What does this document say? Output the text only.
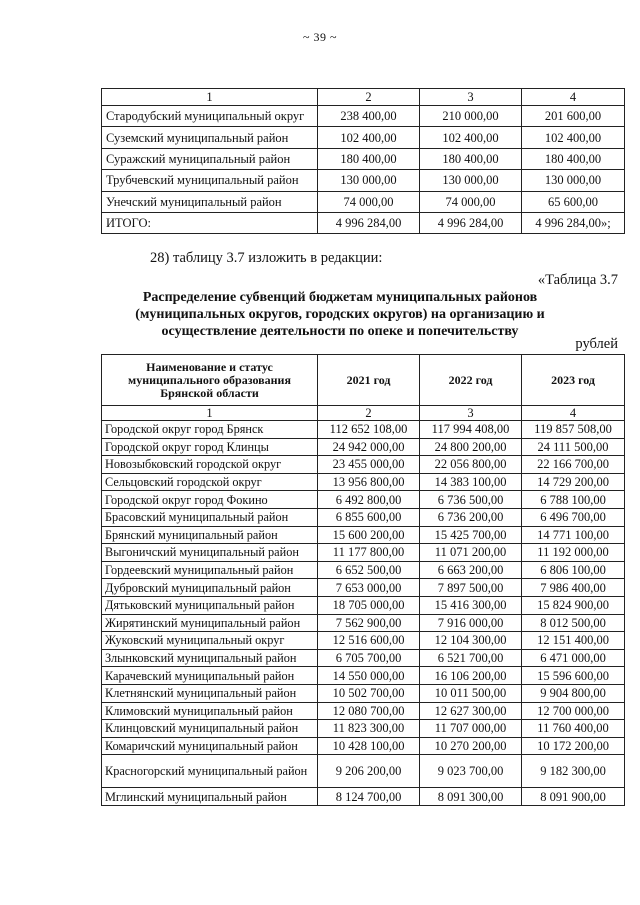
~ 39 ~
1	2	3	4
Стародубский муниципальный округ	238 400,00	210 000,00	201 600,00
Суземский муниципальный район	102 400,00	102 400,00	102 400,00
Суражский муниципальный район	180 400,00	180 400,00	180 400,00
Трубчевский муниципальный район	130 000,00	130 000,00	130 000,00
Унечский муниципальный район	74 000,00	74 000,00	65 600,00
ИТОГО:	4 996 284,00	4 996 284,00	4 996 284,00»;
28) таблицу 3.7 изложить в редакции:
«Таблица 3.7
Распределение субвенций бюджетам муниципальных районов (муниципальных округов, городских округов) на организацию и осуществление деятельности по опеке и попечительству
рублей
Наименование и статус муниципального образования Брянской области	2021 год	2022 год	2023 год
1	2	3	4
Городской округ город Брянск	112 652 108,00	117 994 408,00	119 857 508,00
Городской округ город Клинцы	24 942 000,00	24 800 200,00	24 111 500,00
Новозыбковский городской округ	23 455 000,00	22 056 800,00	22 166 700,00
Сельцовский городской округ	13 956 800,00	14 383 100,00	14 729 200,00
Городской округ город Фокино	6 492 800,00	6 736 500,00	6 788 100,00
Брасовский муниципальный район	6 855 600,00	6 736 200,00	6 496 700,00
Брянский муниципальный район	15 600 200,00	15 425 700,00	14 771 100,00
Выгоничский муниципальный район	11 177 800,00	11 071 200,00	11 192 000,00
Гордеевский муниципальный район	6 652 500,00	6 663 200,00	6 806 100,00
Дубровский муниципальный район	7 653 000,00	7 897 500,00	7 986 400,00
Дятьковский муниципальный район	18 705 000,00	15 416 300,00	15 824 900,00
Жирятинский муниципальный район	7 562 900,00	7 916 000,00	8 012 500,00
Жуковский муниципальный округ	12 516 600,00	12 104 300,00	12 151 400,00
Злынковский муниципальный район	6 705 700,00	6 521 700,00	6 471 000,00
Карачевский муниципальный район	14 550 000,00	16 106 200,00	15 596 600,00
Клетнянский муниципальный район	10 502 700,00	10 011 500,00	9 904 800,00
Климовский муниципальный район	12 080 700,00	12 627 300,00	12 700 000,00
Клинцовский муниципальный район	11 823 300,00	11 707 000,00	11 760 400,00
Комаричский муниципальный район	10 428 100,00	10 270 200,00	10 172 200,00
Красногорский муниципальный район	9 206 200,00	9 023 700,00	9 182 300,00
Мглинский муниципальный район	8 124 700,00	8 091 300,00	8 091 900,00
